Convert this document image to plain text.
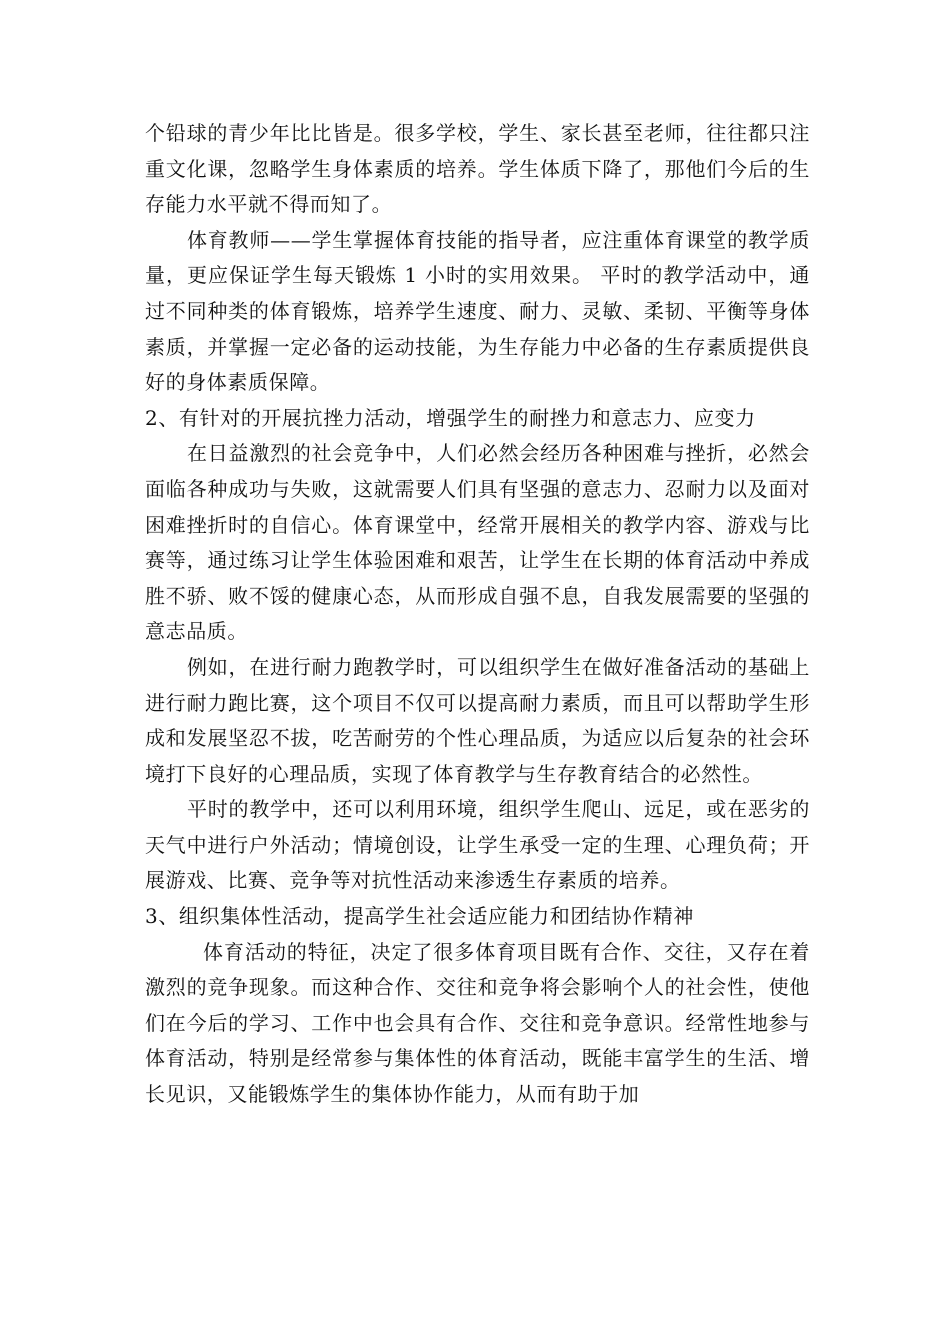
个铅球的青少年比比皆是。很多学校，学生、家长甚至老师，往往都只注重文化课，忽略学生身体素质的培养。学生体质下降了，那他们今后的生存能力水平就不得而知了。

体育教师——学生掌握体育技能的指导者，应注重体育课堂的教学质量，更应保证学生每天锻炼 1 小时的实用效果。 平时的教学活动中，通过不同种类的体育锻炼，培养学生速度、耐力、灵敏、柔韧、平衡等身体素质，并掌握一定必备的运动技能，为生存能力中必备的生存素质提供良好的身体素质保障。

2、有针对的开展抗挫力活动，增强学生的耐挫力和意志力、应变力

在日益激烈的社会竞争中，人们必然会经历各种困难与挫折，必然会面临各种成功与失败，这就需要人们具有坚强的意志力、忍耐力以及面对困难挫折时的自信心。体育课堂中，经常开展相关的教学内容、游戏与比赛等，通过练习让学生体验困难和艰苦，让学生在长期的体育活动中养成胜不骄、败不馁的健康心态，从而形成自强不息，自我发展需要的坚强的意志品质。

例如，在进行耐力跑教学时，可以组织学生在做好准备活动的基础上进行耐力跑比赛，这个项目不仅可以提高耐力素质，而且可以帮助学生形成和发展坚忍不拔，吃苦耐劳的个性心理品质，为适应以后复杂的社会环境打下良好的心理品质，实现了体育教学与生存教育结合的必然性。

平时的教学中，还可以利用环境，组织学生爬山、远足，或在恶劣的天气中进行户外活动；情境创设，让学生承受一定的生理、心理负荷；开展游戏、比赛、竞争等对抗性活动来渗透生存素质的培养。

3、组织集体性活动，提高学生社会适应能力和团结协作精神

体育活动的特征，决定了很多体育项目既有合作、交往，又存在着激烈的竞争现象。而这种合作、交往和竞争将会影响个人的社会性，使他们在今后的学习、工作中也会具有合作、交往和竞争意识。经常性地参与体育活动，特别是经常参与集体性的体育活动，既能丰富学生的生活、增长见识，又能锻炼学生的集体协作能力，从而有助于加
